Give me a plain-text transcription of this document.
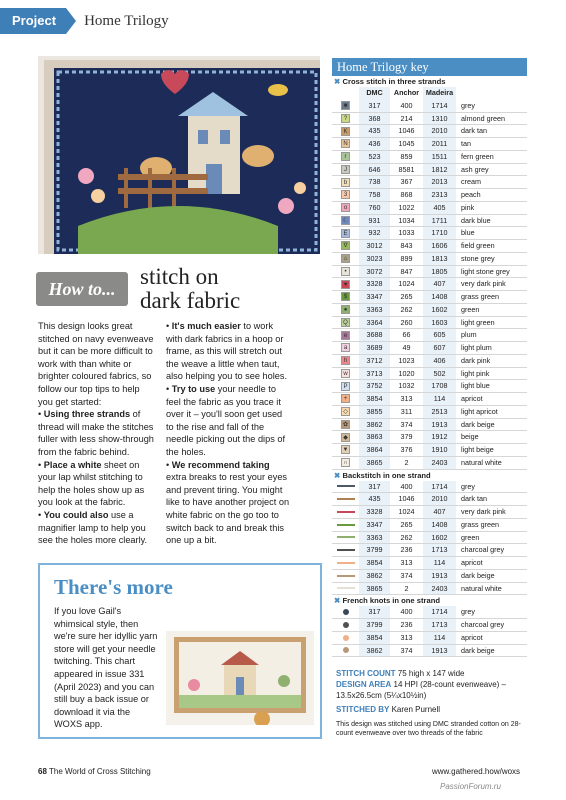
Project	Home Trilogy
How to...	stitch on
dark fabric

This design looks great stitched on navy evenweave but it can be more difficult to work with than white or brighter coloured fabrics, so follow our top tips to help you get started:

• Using three strands of thread will make the stitches fuller with less show-through from the fabric behind.

• Place a white sheet on your lap whilst stitching to help the holes show up as you look at the fabric.

• You could also use a magnifier lamp to help you see the holes more clearly.

• It's much easier to work with dark fabrics in a hoop or frame, as this will stretch out the weave a little when taut, also helping you to see holes.

• Try to use your needle to feel the fabric as you trace it over it – you'll soon get used to the rise and fall of the needle picking out the dips of the holes.

• We recommend taking extra breaks to rest your eyes and prevent tiring. You might like to have another project on white fabric on the go too to switch back to and break this one up a bit.

There's more
If you love Gail's whimsical style, then we're sure her idyllic yarn store will get your needle twitching. This chart appeared in issue 331 (April 2023) and you can still buy a back issue or download it via the WOXS app.
Home Trilogy key
✖ Cross stitch in three strands
DMC	Anchor Madeira
■	317	400	1714	grey
?	368	214	1310	almond green
K	435	1046	2010	dark tan
N	436	1045	2011	tan
r	523	859	1511	fern green
J	646	8581	1812	ash grey
b	738	367	2013	cream
3	758	868	2313	peach
o	760	1022	405	pink
☾	931	1034	1711	dark blue
E	932	1033	1710	blue
∇	3012	843	1606	field green
⌂	3023	899	1813	stone grey
•	3072	847	1805	light stone grey
♥	3328	1024	407	very dark pink
$	3347	265	1408	grass green
●	3363	262	1602	green
Q	3364	260	1603	light green
e	3688	66	605	plum
a	3689	49	607	light plum
h	3712	1023	406	dark pink
w	3713	1020	502	light pink
P	3752	1032	1708	light blue
+	3854	313	114	apricot
◇	3855	311	2513	light apricot
✿	3862	374	1913	dark beige
◆	3863	379	1912	beige
▼	3864	376	1910	light beige
∩	3865	2	2403	natural white
✖ Backstitch in one strand
317	400	1714	grey
435	1046	2010	dark tan
3328	1024	407	very dark pink
3347	265	1408	grass green
3363	262	1602	green
3799	236	1713	charcoal grey
3854	313	114	apricot
3862	374	1913	dark beige
3865	2	2403	natural white
✖ French knots in one strand
317	400	1714	grey
3799	236	1713	charcoal grey
3854	313	114	apricot
3862	374	1913	dark beige
STITCH COUNT 75 high x 147 wide
DESIGN AREA 14 HPI (28-count evenweave) – 13.5x26.5cm (5¼x10½in)
STITCHED BY Karen Purnell
This design was stitched using DMC stranded cotton on 28-count evenweave over two threads of the fabric
68 The World of Cross Stitching	www.gathered.how/woxs
PassionForum.ru
